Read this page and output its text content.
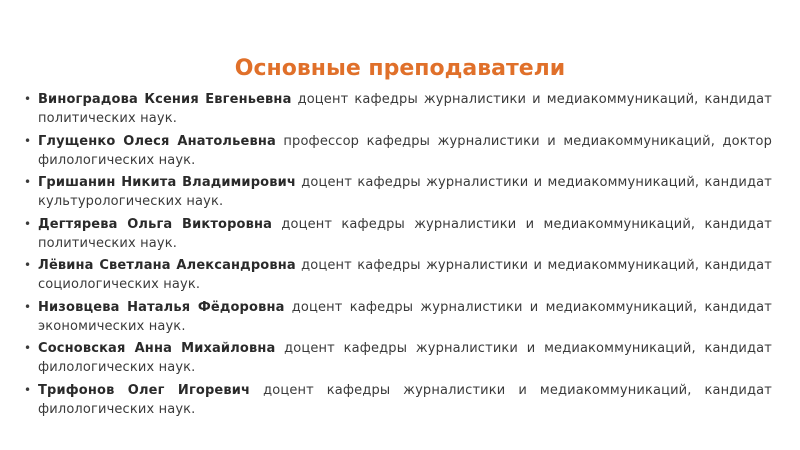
Основные преподаватели
• Виноградова Ксения Евгеньевна доцент кафедры журналистики и медиакоммуникаций, кандидат политических наук.
• Глущенко Олеся Анатольевна профессор кафедры журналистики и медиакоммуникаций, доктор филологических наук.
• Гришанин Никита Владимирович доцент кафедры журналистики и медиакоммуникаций, кандидат культурологических наук.
• Дегтярева Ольга Викторовна доцент кафедры журналистики и медиакоммуникаций, кандидат политических наук.
• Лёвина Светлана Александровна доцент кафедры журналистики и медиакоммуникаций, кандидат социологических наук.
• Низовцева Наталья Фёдоровна доцент кафедры журналистики и медиакоммуникаций, кандидат экономических наук.
• Сосновская Анна Михайловна доцент кафедры журналистики и медиакоммуникаций, кандидат филологических наук.
• Трифонов Олег Игоревич доцент кафедры журналистики и медиакоммуникаций, кандидат филологических наук.
